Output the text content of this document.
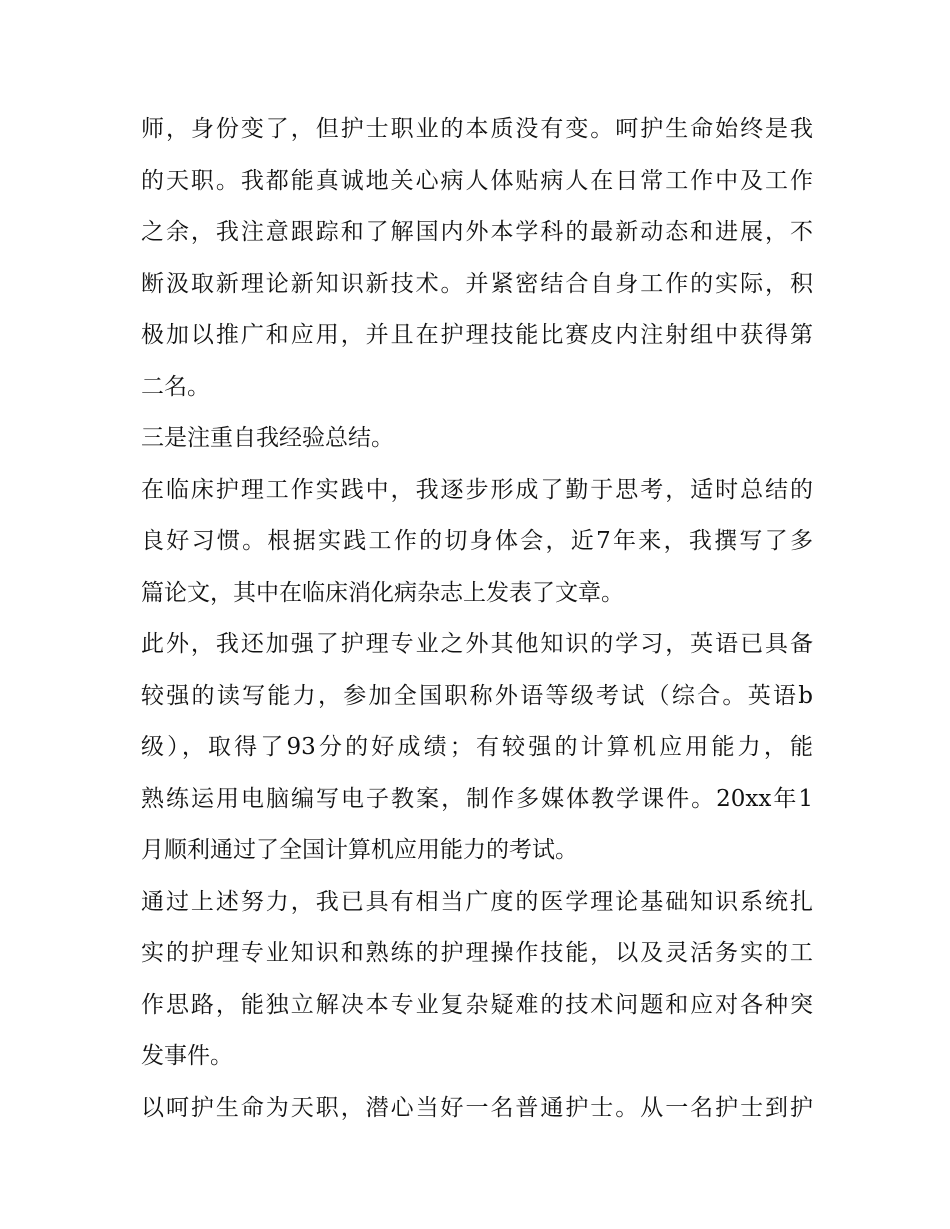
师，身份变了，但护士职业的本质没有变。呵护生命始终是我
的天职。我都能真诚地关心病人体贴病人在日常工作中及工作
之余，我注意跟踪和了解国内外本学科的最新动态和进展，不
断汲取新理论新知识新技术。并紧密结合自身工作的实际，积
极加以推广和应用，并且在护理技能比赛皮内注射组中获得第
二名。
三是注重自我经验总结。
在临床护理工作实践中，我逐步形成了勤于思考，适时总结的
良好习惯。根据实践工作的切身体会，近7年来，我撰写了多
篇论文，其中在临床消化病杂志上发表了文章。
此外，我还加强了护理专业之外其他知识的学习，英语已具备
较强的读写能力，参加全国职称外语等级考试（综合。英语b
级），取得了93分的好成绩；有较强的计算机应用能力，能
熟练运用电脑编写电子教案，制作多媒体教学课件。20xx年1
月顺利通过了全国计算机应用能力的考试。
通过上述努力，我已具有相当广度的医学理论基础知识系统扎
实的护理专业知识和熟练的护理操作技能，以及灵活务实的工
作思路，能独立解决本专业复杂疑难的技术问题和应对各种突
发事件。
以呵护生命为天职，潜心当好一名普通护士。从一名护士到护
